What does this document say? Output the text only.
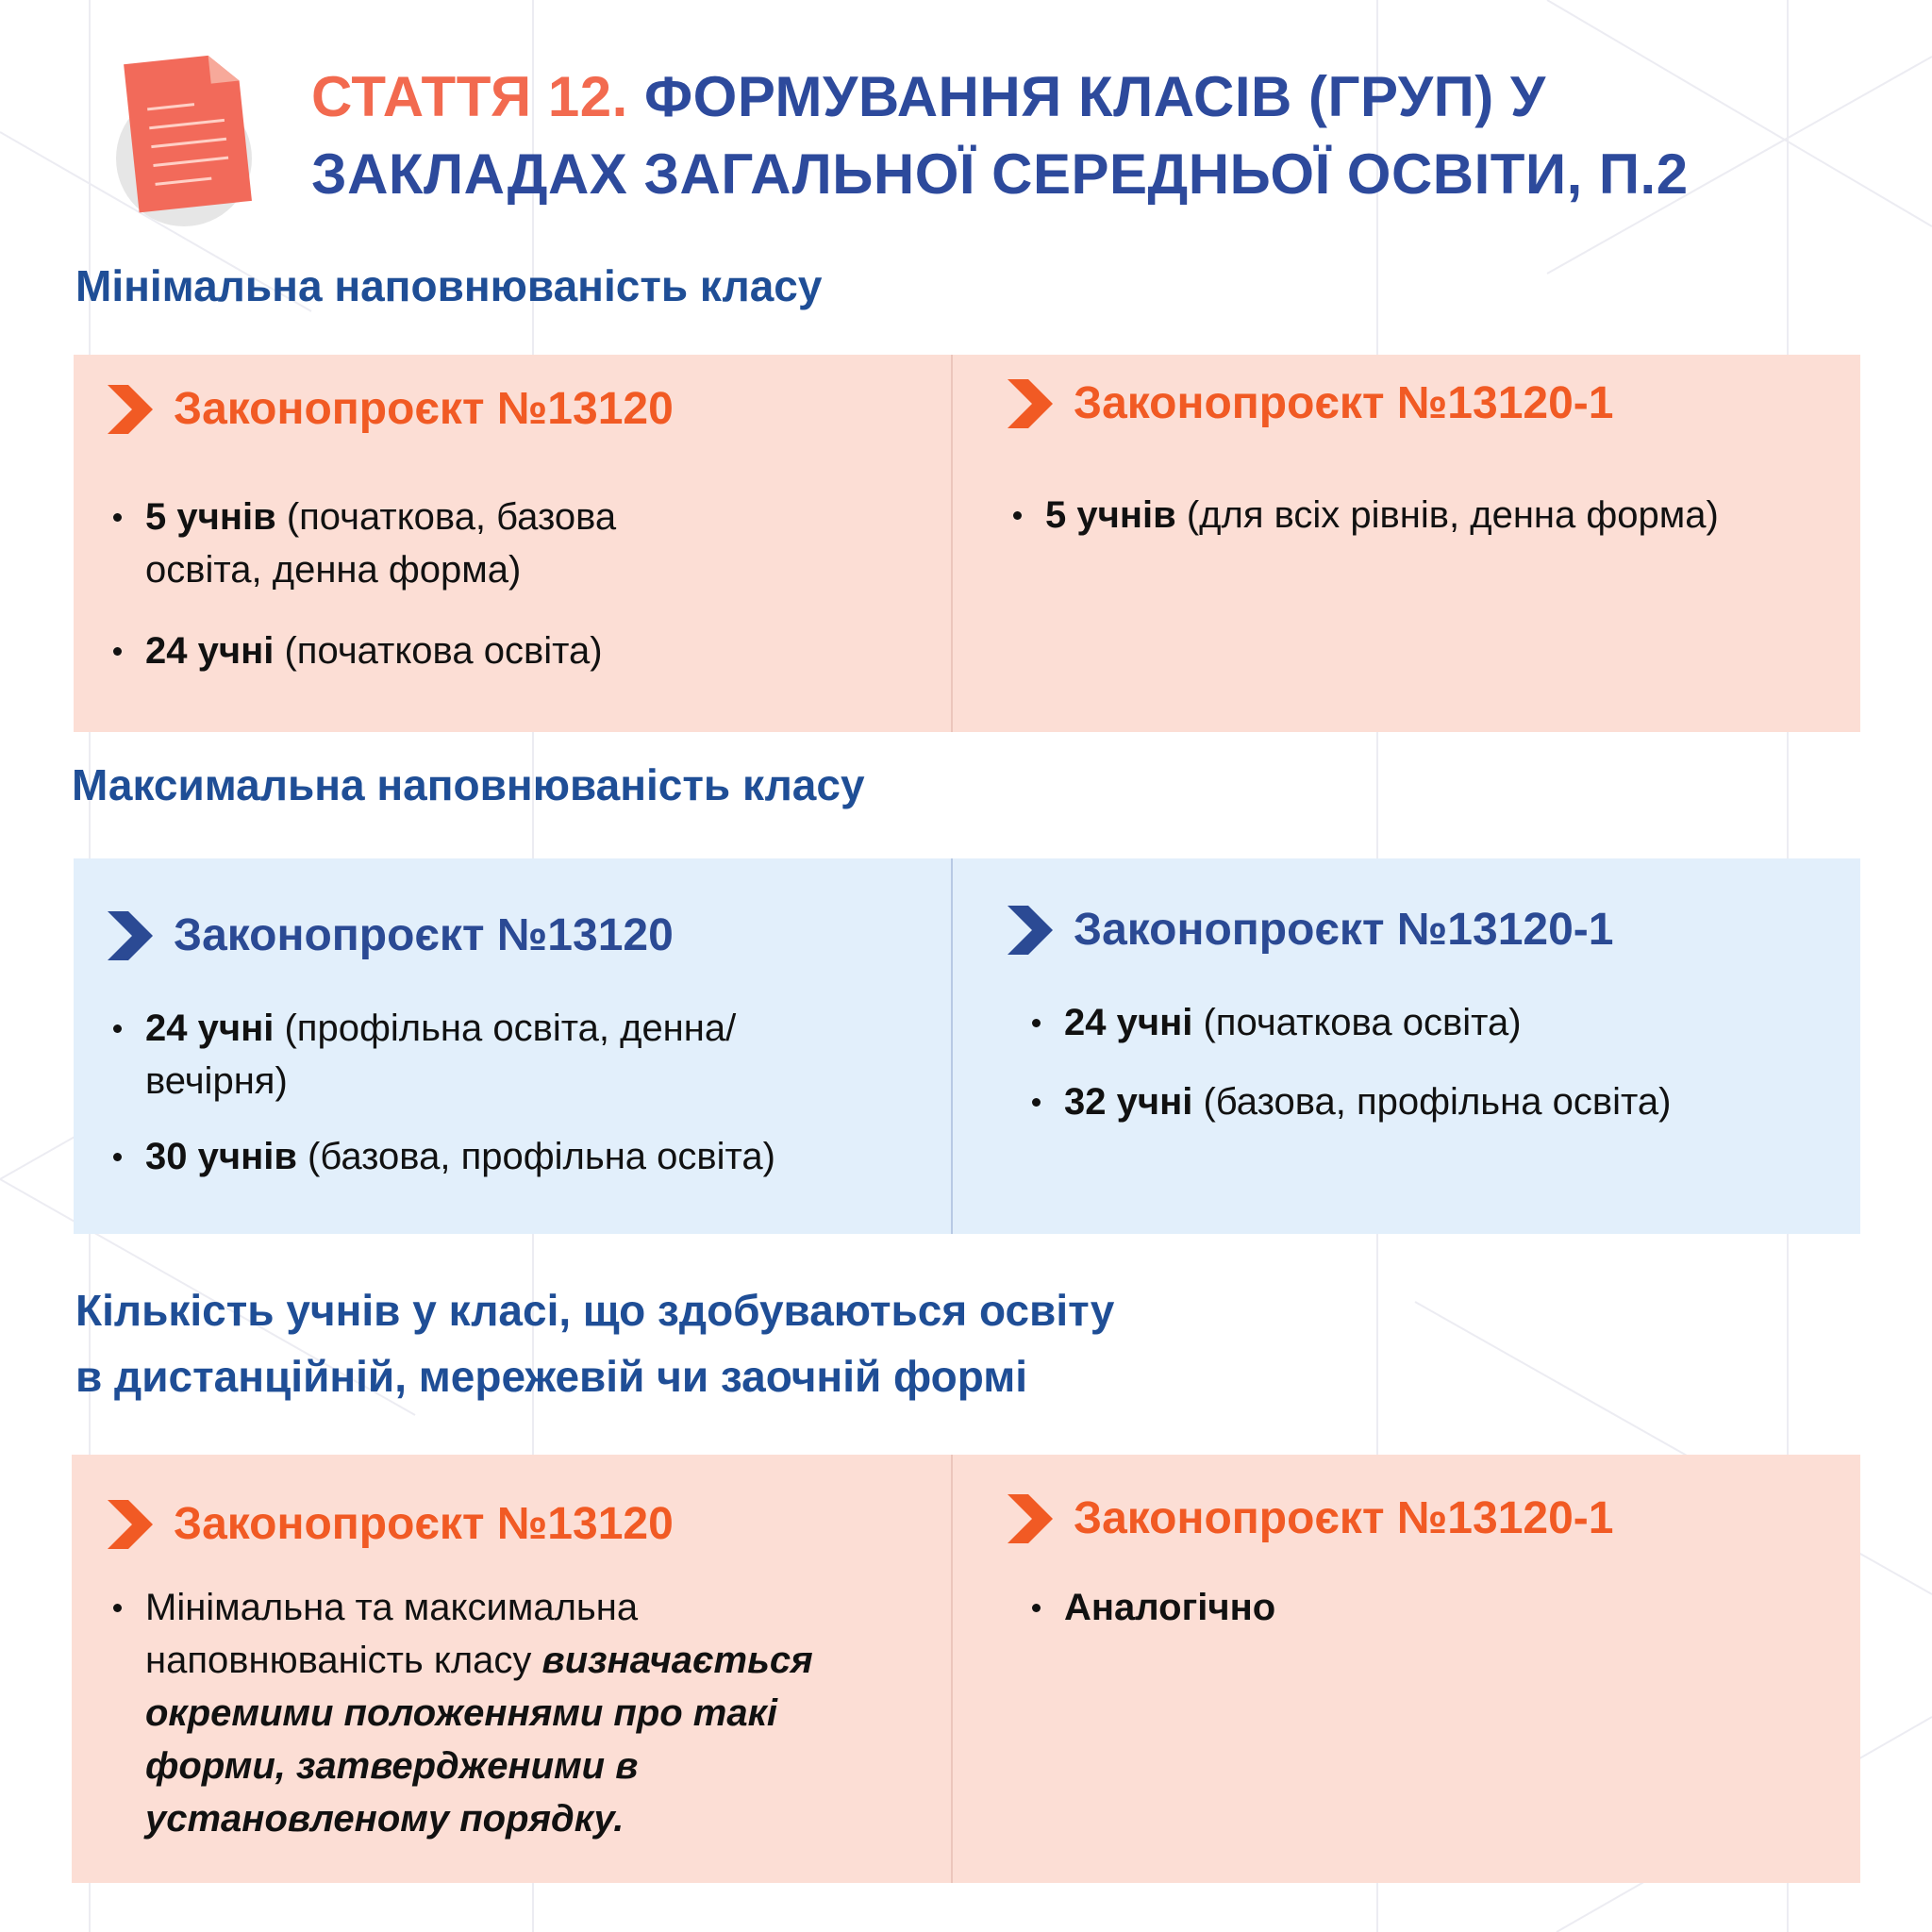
СТАТТЯ 12. ФОРМУВАННЯ КЛАСІВ (ГРУП) У
ЗАКЛАДАХ ЗАГАЛЬНОЇ СЕРЕДНЬОЇ ОСВІТИ, П.2
Мінімальна наповнюваність класу
Законопроєкт №13120
5 учнів (початкова, базова освіта, денна форма)
24 учні (початкова освіта)
Законопроєкт №13120-1
5 учнів (для всіх рівнів, денна форма)
Максимальна наповнюваність класу
Законопроєкт №13120
24 учні (профільна освіта, денна/ вечірня)
30 учнів (базова, профільна освіта)
Законопроєкт №13120-1
24 учні (початкова освіта)
32 учні (базова, профільна освіта)
Кількість учнів у класі, що здобуваються освіту
в дистанційній, мережевій чи заочній формі
Законопроєкт №13120
Мінімальна та максимальна наповнюваність класу визначається окремими положеннями про такі форми, затвердженими в установленому порядку.
Законопроєкт №13120-1
Аналогічно
